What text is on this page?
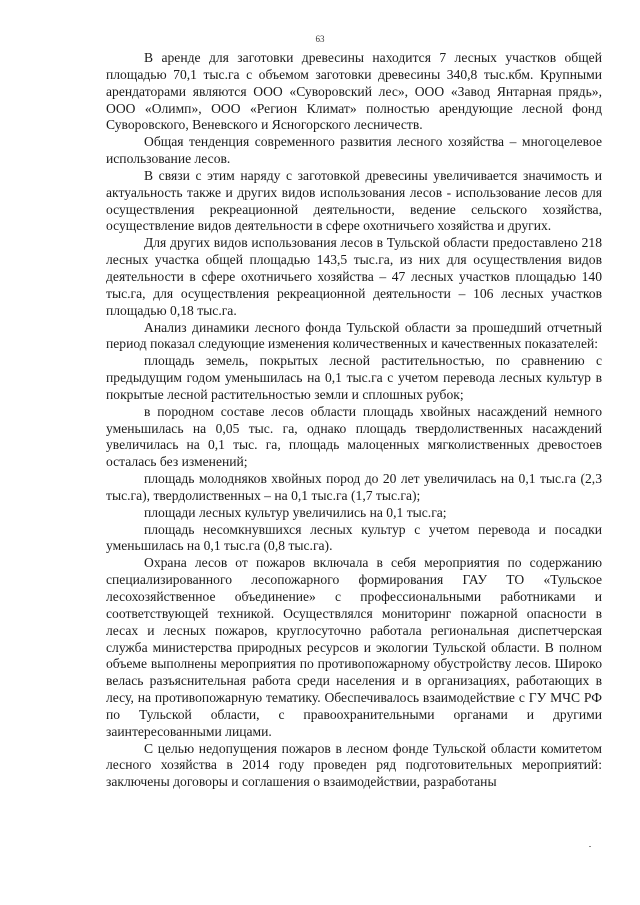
63

В аренде для заготовки древесины находится 7 лесных участков общей площадью 70,1 тыс.га с объемом заготовки древесины 340,8 тыс.кбм. Крупными арендаторами являются ООО «Суворовский лес», ООО «Завод Янтарная прядь», ООО «Олимп», ООО «Регион Климат» полностью арендующие лесной фонд Суворовского, Веневского и Ясногорского лесничеств.

Общая тенденция современного развития лесного хозяйства – многоцелевое использование лесов.

В связи с этим наряду с заготовкой древесины увеличивается значимость и актуальность также и других видов использования лесов - использование лесов для осуществления рекреационной деятельности, ведение сельского хозяйства, осуществление видов деятельности в сфере охотничьего хозяйства и других.

Для других видов использования лесов в Тульской области предоставлено 218 лесных участка общей площадью 143,5 тыс.га, из них для осуществления видов деятельности в сфере охотничьего хозяйства – 47 лесных участков площадью 140 тыс.га, для осуществления рекреационной деятельности – 106 лесных участков площадью 0,18 тыс.га.

Анализ динамики лесного фонда Тульской области за прошедший отчетный период показал следующие изменения количественных и качественных показателей:

площадь земель, покрытых лесной растительностью, по сравнению с предыдущим годом уменьшилась на 0,1 тыс.га с учетом перевода лесных культур в покрытые лесной растительностью земли и сплошных рубок;

в породном составе лесов области площадь хвойных насаждений немного уменьшилась на 0,05 тыс. га, однако площадь твердолиственных насаждений увеличилась на 0,1 тыс. га, площадь малоценных мягколиственных древостоев осталась без изменений;

площадь молодняков хвойных пород до 20 лет увеличилась на 0,1 тыс.га (2,3 тыс.га), твердолиственных – на 0,1 тыс.га (1,7 тыс.га);

площади лесных культур увеличились на 0,1 тыс.га;

площадь несомкнувшихся лесных культур с учетом перевода и посадки уменьшилась на 0,1 тыс.га (0,8 тыс.га).

Охрана лесов от пожаров включала в себя мероприятия по содержанию специализированного лесопожарного формирования ГАУ ТО «Тульское лесохозяйственное объединение» с профессиональными работниками и соответствующей техникой. Осуществлялся мониторинг пожарной опасности в лесах и лесных пожаров, круглосуточно работала региональная диспетчерская служба министерства природных ресурсов и экологии Тульской области. В полном объеме выполнены мероприятия по противопожарному обустройству лесов. Широко велась разъяснительная работа среди населения и в организациях, работающих в лесу, на противопожарную тематику. Обеспечивалось взаимодействие с ГУ МЧС РФ по Тульской области, с правоохранительными органами и другими заинтересованными лицами.

С целью недопущения пожаров в лесном фонде Тульской области комитетом лесного хозяйства в 2014 году проведен ряд подготовительных мероприятий: заключены договоры и соглашения о взаимодействии, разработаны
